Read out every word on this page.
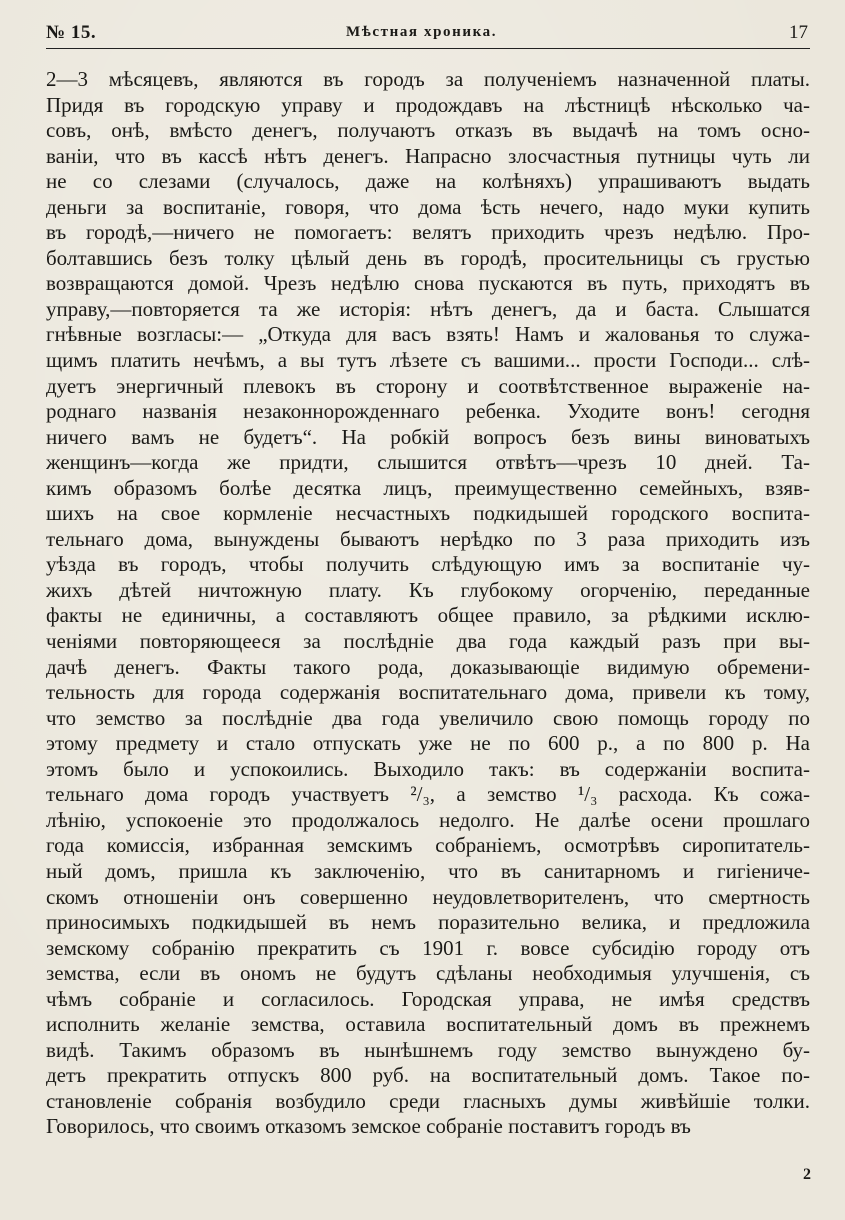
№ 15.	Мѣстная хроника.	17
2—3 мѣсяцевъ, являются въ городъ за полученіемъ назначенной платы.
Придя въ городскую управу и продождавъ на лѣстницѣ нѣсколько ча-
совъ, онѣ, вмѣсто денегъ, получаютъ отказъ въ выдачѣ на томъ осно-
ваніи, что въ кассѣ нѣтъ денегъ. Напрасно злосчастныя путницы чуть ли
не со слезами (случалось, даже на колѣняхъ) упрашиваютъ выдать
деньги за воспитаніе, говоря, что дома ѣсть нечего, надо муки купить
въ городѣ,—ничего не помогаетъ: велятъ приходить чрезъ недѣлю. Про-
болтавшись безъ толку цѣлый день въ городѣ, просительницы съ грустью
возвращаются домой. Чрезъ недѣлю снова пускаются въ путь, приходятъ въ
управу,—повторяется та же исторія: нѣтъ денегъ, да и баста. Слышатся
гнѣвные возгласы:— „Откуда для васъ взять! Намъ и жалованья то служа-
щимъ платить нечѣмъ, а вы тутъ лѣзете съ вашими... прости Господи... слѣ-
дуетъ энергичный плевокъ въ сторону и соотвѣтственное выраженіе на-
роднаго названія незаконнорожденнаго ребенка. Уходите вонъ! сегодня
ничего вамъ не будетъ“. На робкій вопросъ безъ вины виноватыхъ
женщинъ—когда же придти, слышится отвѣтъ—чрезъ 10 дней. Та-
кимъ образомъ болѣе десятка лицъ, преимущественно семейныхъ, взяв-
шихъ на свое кормленіе несчастныхъ подкидышей городского воспита-
тельнаго дома, вынуждены бываютъ нерѣдко по 3 раза приходить изъ
уѣзда въ городъ, чтобы получить слѣдующую имъ за воспитаніе чу-
жихъ дѣтей ничтожную плату. Къ глубокому огорченію, переданные
факты не единичны, а составляютъ общее правило, за рѣдкими исклю-
ченіями повторяющееся за послѣдніе два года каждый разъ при вы-
дачѣ денегъ. Факты такого рода, доказывающіе видимую обремени-
тельность для города содержанія воспитательнаго дома, привели къ тому,
что земство за послѣдніе два года увеличило свою помощь городу по
этому предмету и стало отпускать уже не по 600 р., а по 800 р. На
этомъ было и успокоились. Выходило такъ: въ содержаніи воспита-
тельнаго дома городъ участвуетъ ²/₃, а земство ¹/₃ расхода. Къ сожа-
лѣнію, успокоеніе это продолжалось недолго. Не далѣе осени прошлаго
года комиссія, избранная земскимъ собраніемъ, осмотрѣвъ сиропитатель-
ный домъ, пришла къ заключенію, что въ санитарномъ и гигіеничe-
скомъ отношеніи онъ совершенно неудовлетворителенъ, что смертность
приносимыхъ подкидышей въ немъ поразительно велика, и предложила
земскому собранію прекратить съ 1901 г. вовсе субсидію городу отъ
земства, если въ ономъ не будутъ сдѣланы необходимыя улучшенія, съ
чѣмъ собраніе и согласилось. Городская управа, не имѣя средствъ
исполнить желаніе земства, оставила воспитательный домъ въ прежнемъ
видѣ. Такимъ образомъ въ нынѣшнемъ году земство вынуждено бу-
детъ прекратить отпускъ 800 руб. на воспитательный домъ. Такое по-
становленіе собранія возбудило среди гласныхъ думы живѣйшіе толки.
Говорилось, что своимъ отказомъ земское собраніе поставитъ городъ въ
2
